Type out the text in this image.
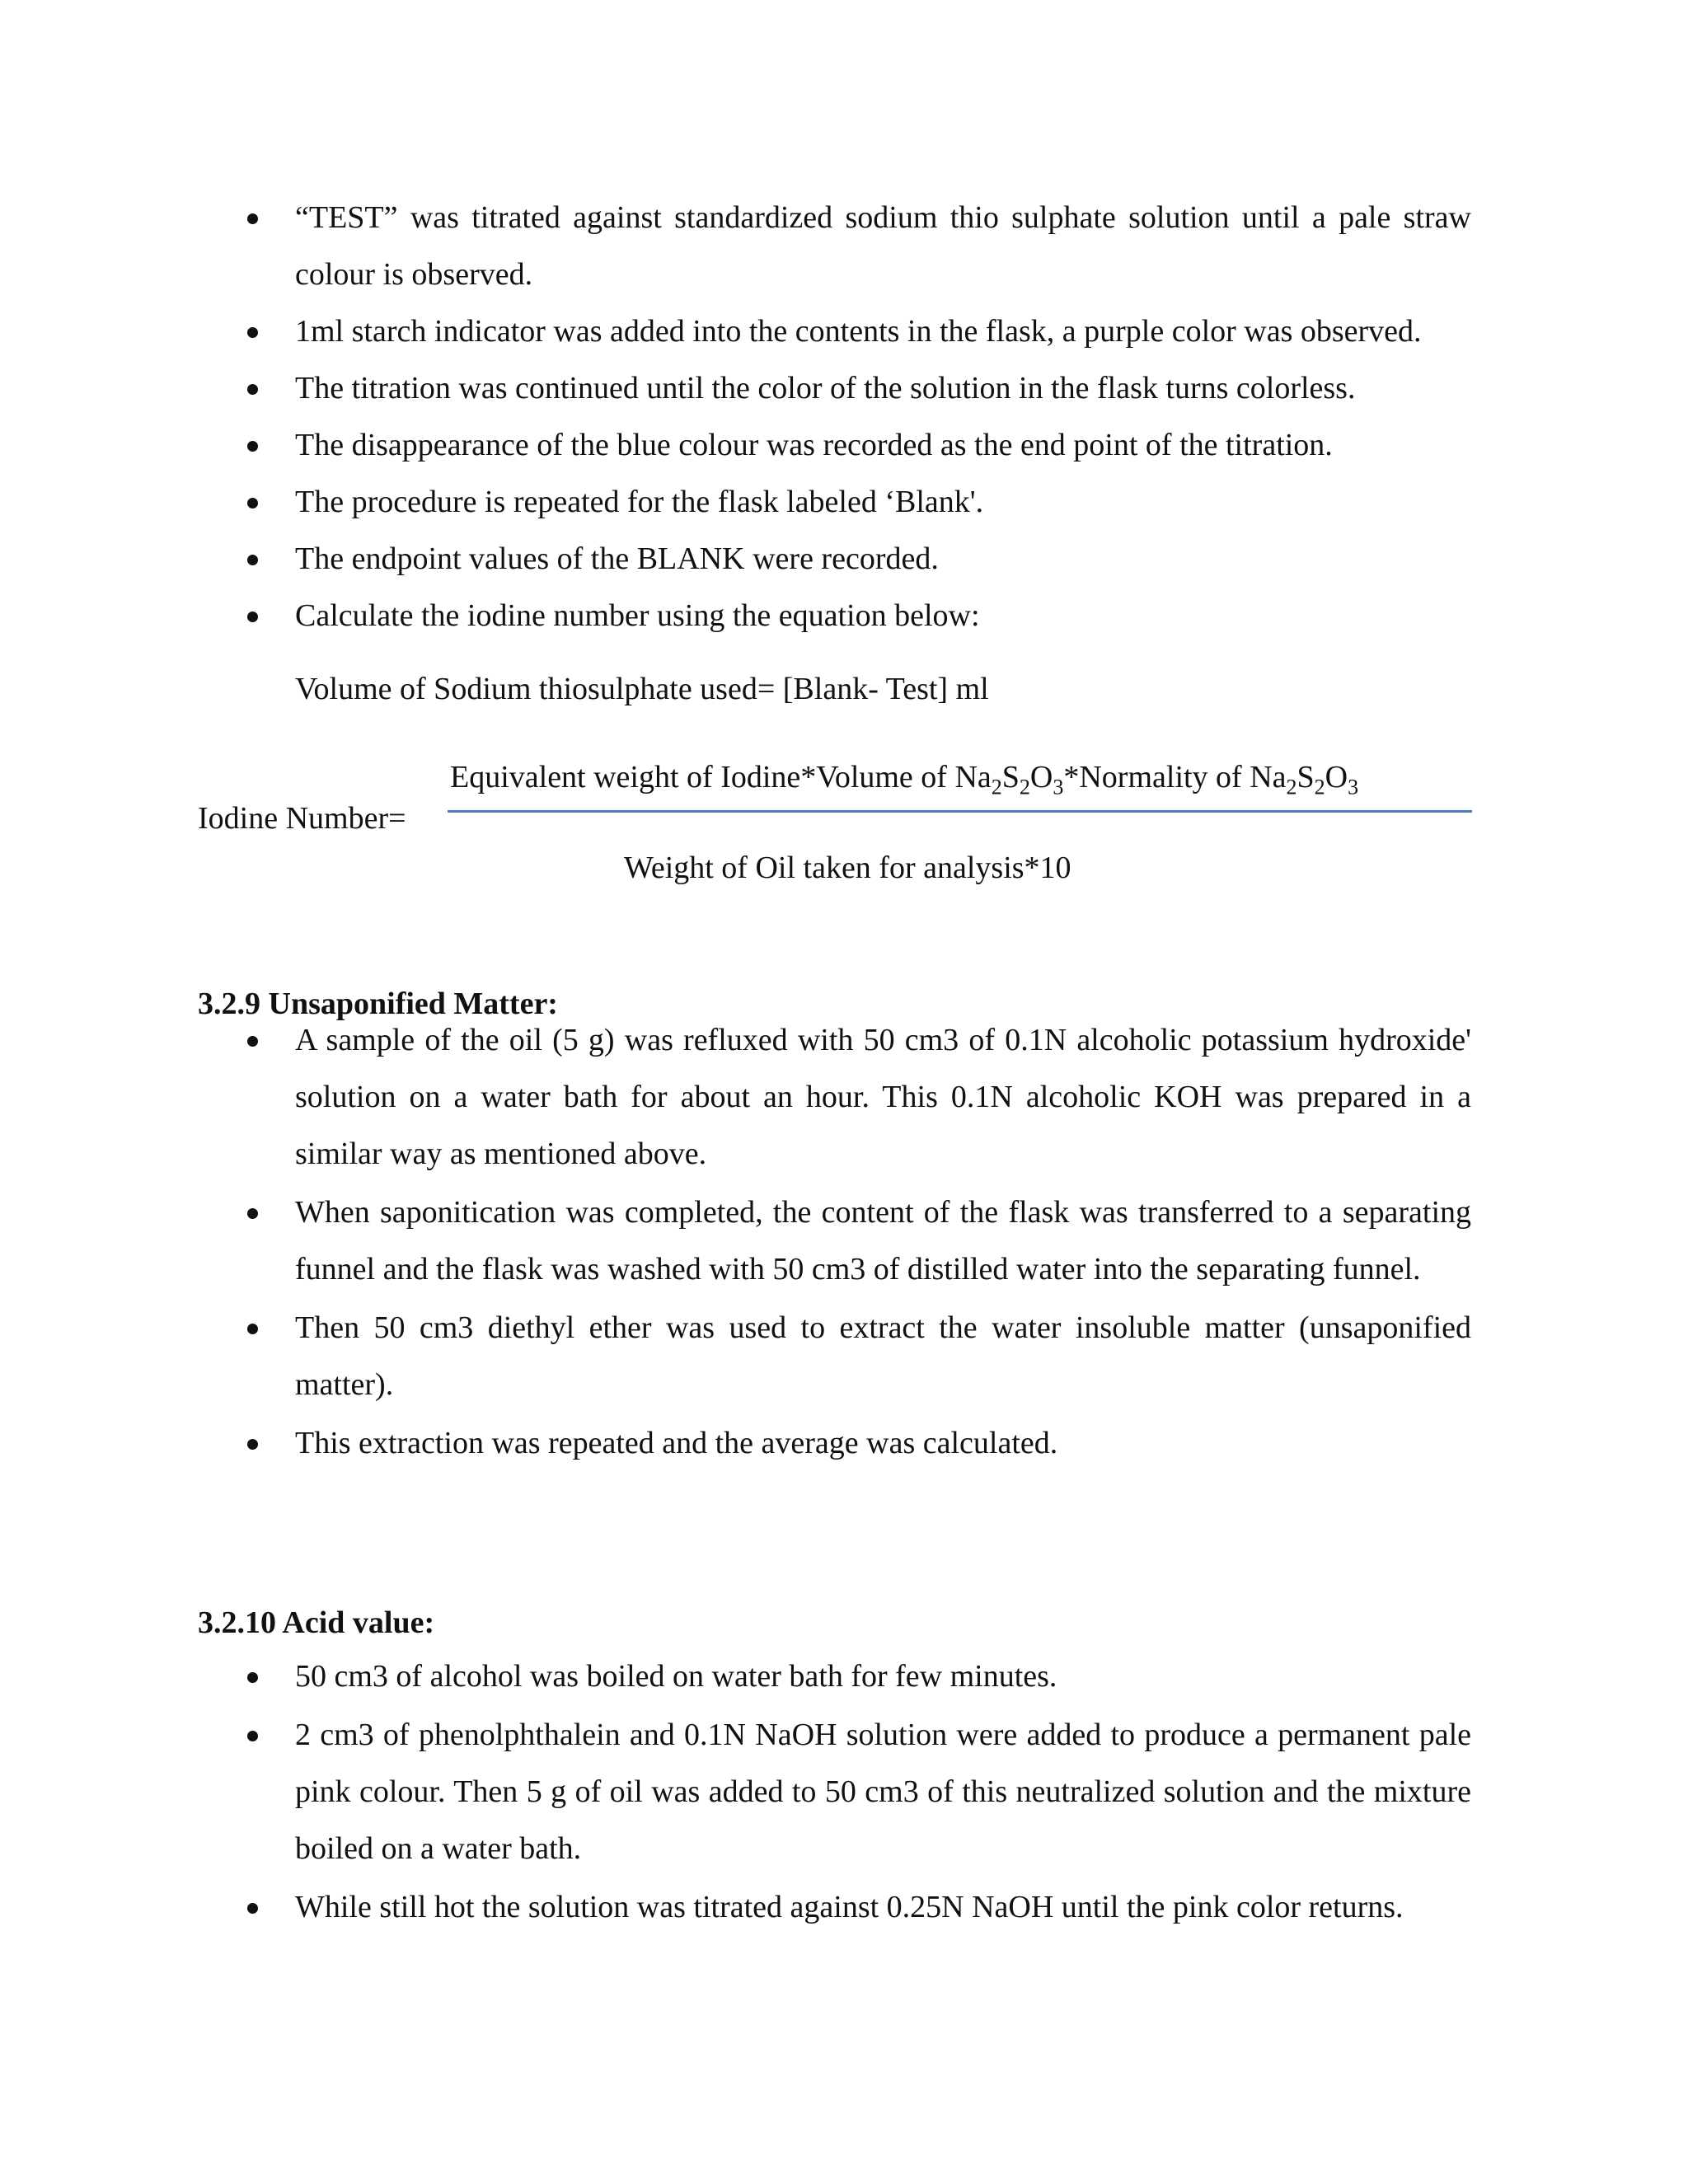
“TEST” was titrated against standardized sodium thio sulphate solution until a pale straw colour is observed.
1ml starch indicator was added into the contents in the flask, a purple color was observed.
The titration was continued until the color of the solution in the flask turns colorless.
The disappearance of the blue colour was recorded as the end point of the titration.
The procedure is repeated for the flask labeled ‘Blank'.
The endpoint values of the BLANK were recorded.
Calculate the iodine number using the equation below:
Volume of Sodium thiosulphate used= [Blank- Test] ml
Iodine Number=
Equivalent weight of Iodine*Volume of $Na_2S_2O_3*Normality$ of $Na_2S_2O_3$
Weight of Oil taken for analysis*10
3.2.9 Unsaponified Matter:
A sample of the oil (5 g) was refluxed with 50 cm3 of 0.1N alcoholic potassium hydroxide' solution on a water bath for about an hour. This 0.1N alcoholic KOH was prepared in a similar way as mentioned above.
When saponitication was completed, the content of the flask was transferred to a separating funnel and the flask was washed with 50 cm3 of distilled water into the separating funnel.
Then 50 cm3 diethyl ether was used to extract the water insoluble matter (unsaponified matter).
This extraction was repeated and the average was calculated.
3.2.10 Acid value:
50 cm3 of alcohol was boiled on water bath for few minutes.
2 cm3 of phenolphthalein and 0.1N NaOH solution were added to produce a permanent pale pink colour. Then 5 g of oil was added to 50 cm3 of this neutralized solution and the mixture boiled on a water bath.
While still hot the solution was titrated against 0.25N NaOH until the pink color returns.
